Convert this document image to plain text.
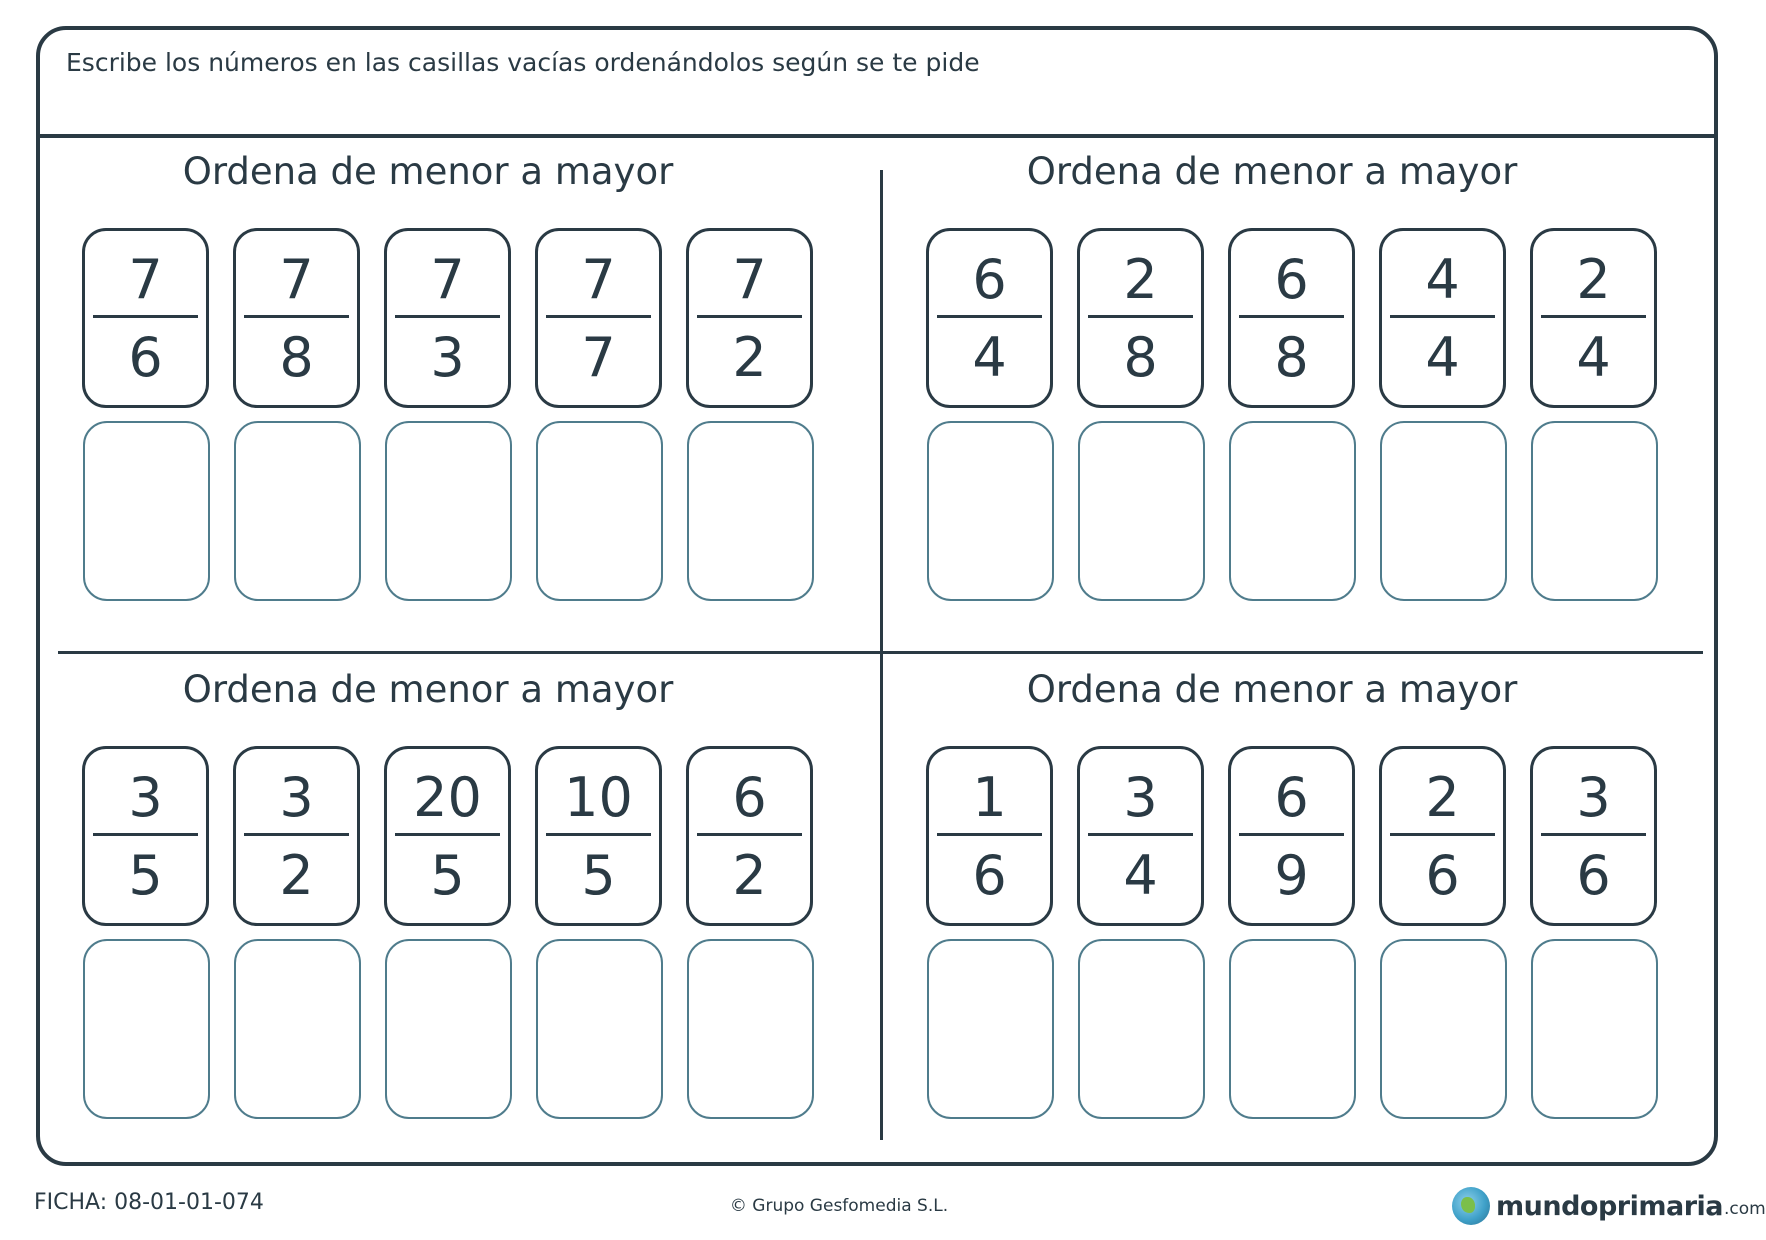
Escribe los números en las casillas vacías ordenándolos según se te pide
Ordena de menor a mayor
7
6
7
8
7
3
7
7
7
2
Ordena de menor a mayor
6
4
2
8
6
8
4
4
2
4
Ordena de menor a mayor
3
5
3
2
20
5
10
5
6
2
Ordena de menor a mayor
1
6
3
4
6
9
2
6
3
6
FICHA: 08-01-01-074	© Grupo Gesfomedia S.L.	mundoprimaria .com
